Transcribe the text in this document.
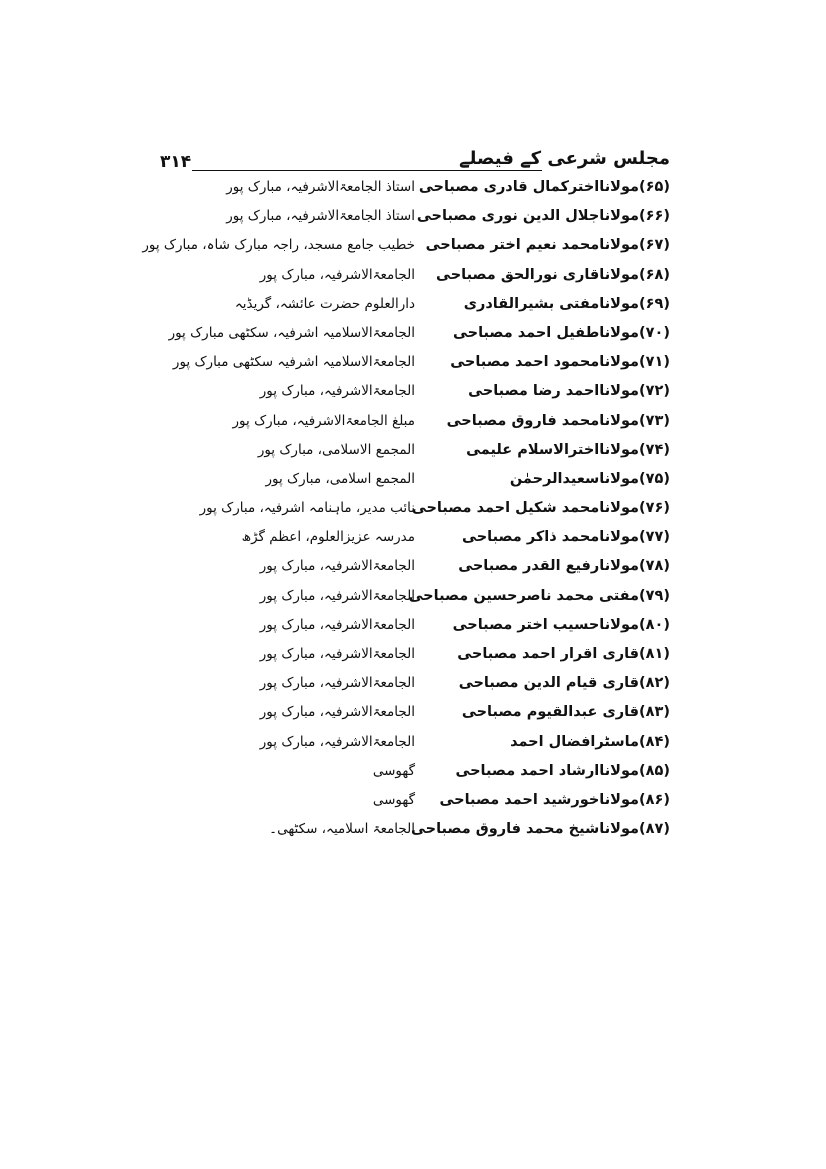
۳۱۴	مجلس شرعی کے فیصلے
(۶۵)مولانااخترکمال قادری مصباحی
استاذ الجامعۃالاشرفیہ، مبارک پور
(۶۶)مولاناجلال الدین نوری مصباحی
استاذ الجامعۃالاشرفیہ، مبارک پور
(۶۷)مولانامحمد نعیم اختر مصباحی
خطیب جامع مسجد، راجہ مبارک شاہ، مبارک پور
(۶۸)مولاناقاری نورالحق مصباحی
الجامعۃالاشرفیہ، مبارک پور
(۶۹)مولانامفتی بشیرالقادری
دارالعلوم حضرت عائشہ، گریڈیہ
(۷۰)مولاناطفیل احمد مصباحی
الجامعۃالاسلامیہ اشرفیہ، سکٹھی مبارک پور
(۷۱)مولانامحمود احمد مصباحی
الجامعۃالاسلامیہ اشرفیہ سکٹھی مبارک پور
(۷۲)مولانااحمد رضا مصباحی
الجامعۃالاشرفیہ، مبارک پور
(۷۳)مولانامحمد فاروق مصباحی
مبلغ الجامعۃالاشرفیہ، مبارک پور
(۷۴)مولانااخترالاسلام علیمی
المجمع الاسلامی، مبارک پور
(۷۵)مولاناسعیدالرحمٰن
المجمع اسلامی، مبارک پور
(۷۶)مولانامحمد شکیل احمد مصباحی
نائب مدیر، ماہنامہ اشرفیہ، مبارک پور
(۷۷)مولانامحمد ذاکر مصباحی
مدرسہ عزیزالعلوم، اعظم گڑھ
(۷۸)مولانارفیع القدر مصباحی
الجامعۃالاشرفیہ، مبارک پور
(۷۹)مفتی محمد ناصرحسین مصباحی
الجامعۃالاشرفیہ، مبارک پور
(۸۰)مولاناحسیب اختر مصباحی
الجامعۃالاشرفیہ، مبارک پور
(۸۱)قاری اقرار احمد مصباحی
الجامعۃالاشرفیہ، مبارک پور
(۸۲)قاری قیام الدین مصباحی
الجامعۃالاشرفیہ، مبارک پور
(۸۳)قاری عبدالقیوم مصباحی
الجامعۃالاشرفیہ، مبارک پور
(۸۴)ماسٹرافضال احمد
الجامعۃالاشرفیہ، مبارک پور
(۸۵)مولاناارشاد احمد مصباحی
گھوسی
(۸۶)مولاناخورشید احمد مصباحی
گھوسی
(۸۷)مولاناشیخ محمد فاروق مصباحی
الجامعۃ اسلامیہ، سکٹھی۔
